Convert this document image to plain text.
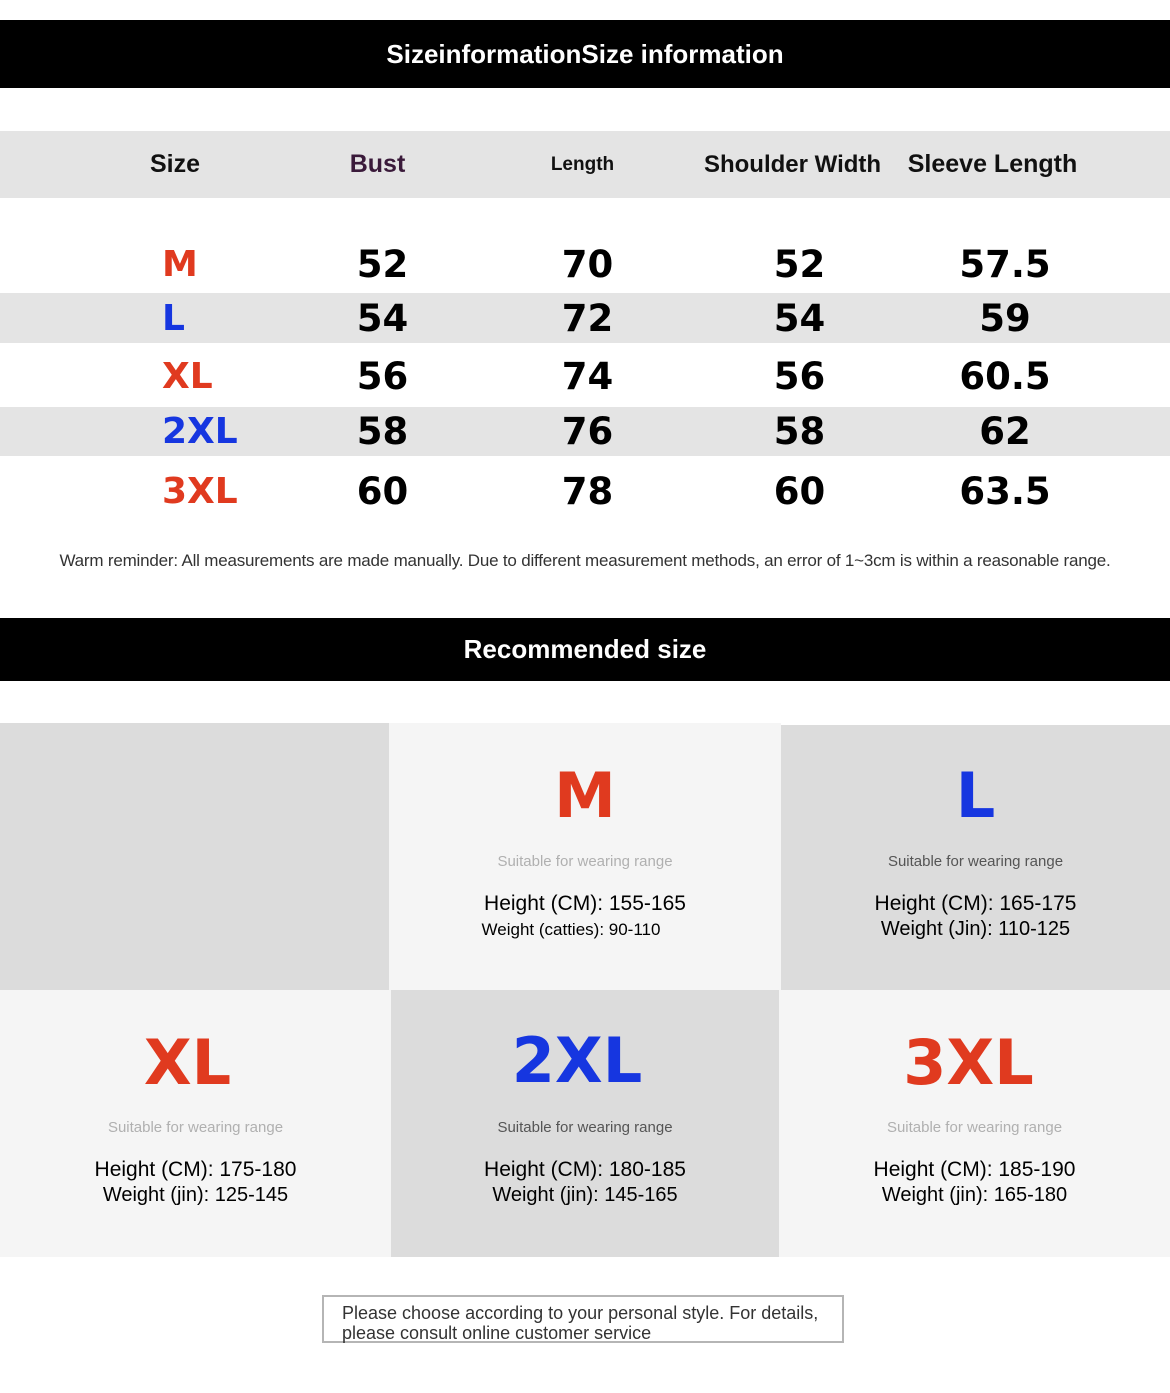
SizeinformationSize information
Size	Bust	Length	Shoulder Width	Sleeve Length
M	52	70	52	57.5
L	54	72	54	59
XL	56	74	56	60.5
2XL	58	76	58	62
3XL	60	78	60	63.5
Warm reminder: All measurements are made manually. Due to different measurement methods, an error of 1~3cm is within a reasonable range.
Recommended size
M
Suitable for wearing range
Height (CM): 155-165
Weight (catties): 90-110
L
Suitable for wearing range
Height (CM): 165-175
Weight (Jin): 110-125
XL
Suitable for wearing range
Height (CM): 175-180
Weight (jin): 125-145
2XL
Suitable for wearing range
Height (CM): 180-185
Weight (jin): 145-165
3XL
Suitable for wearing range
Height (CM): 185-190
Weight (jin): 165-180
Please choose according to your personal style. For details,
please consult online customer service
